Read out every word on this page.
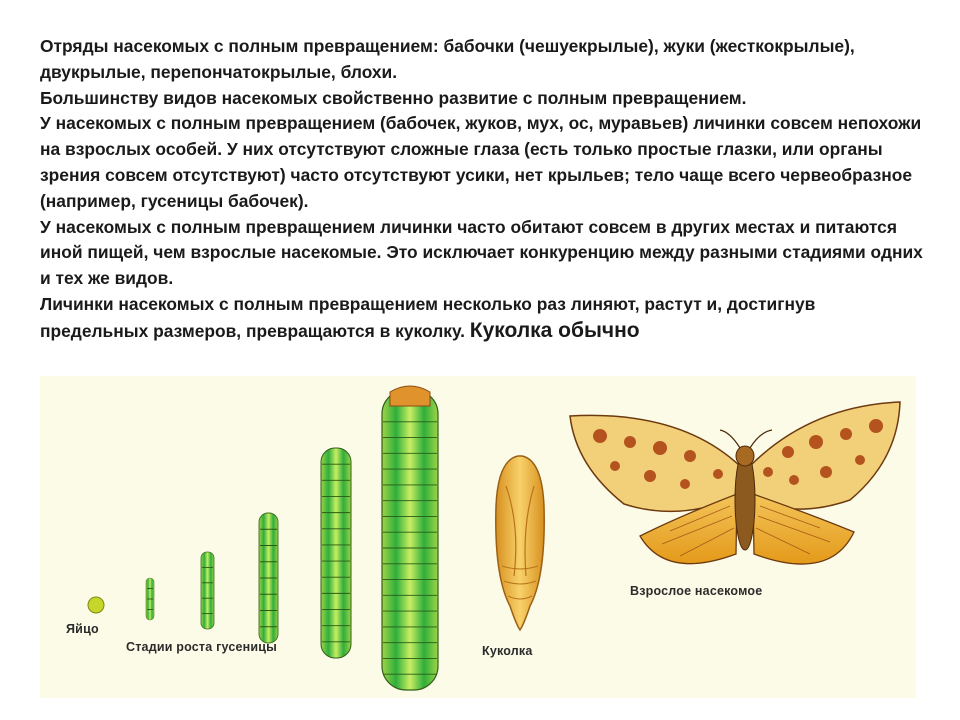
Отряды насекомых с полным превращением: бабочки (чешуекрылые), жуки (жесткокрылые), двукрылые, перепончатокрылые, блохи.

Большинству видов насекомых свойственно развитие с полным превращением.

У насекомых с полным превращением (бабочек, жуков, мух, ос, муравьев) личинки совсем непохожи на взрослых особей. У них отсутствуют сложные глаза (есть только простые глазки, или органы зрения совсем отсутствуют) часто отсутствуют усики, нет крыльев; тело чаще всего червеобразное (например, гусеницы бабочек).

У насекомых с полным превращением личинки часто обитают совсем в других местах и питаются иной пищей, чем взрослые насекомые. Это исключает конкуренцию между разными стадиями одних и тех же видов.

Личинки насекомых с полным превращением несколько раз линяют, растут и, достигнув предельных размеров, превращаются в куколку. Куколка обычно

Яйцо
Стадии роста гусеницы	Куколка
Взрослое насекомое
